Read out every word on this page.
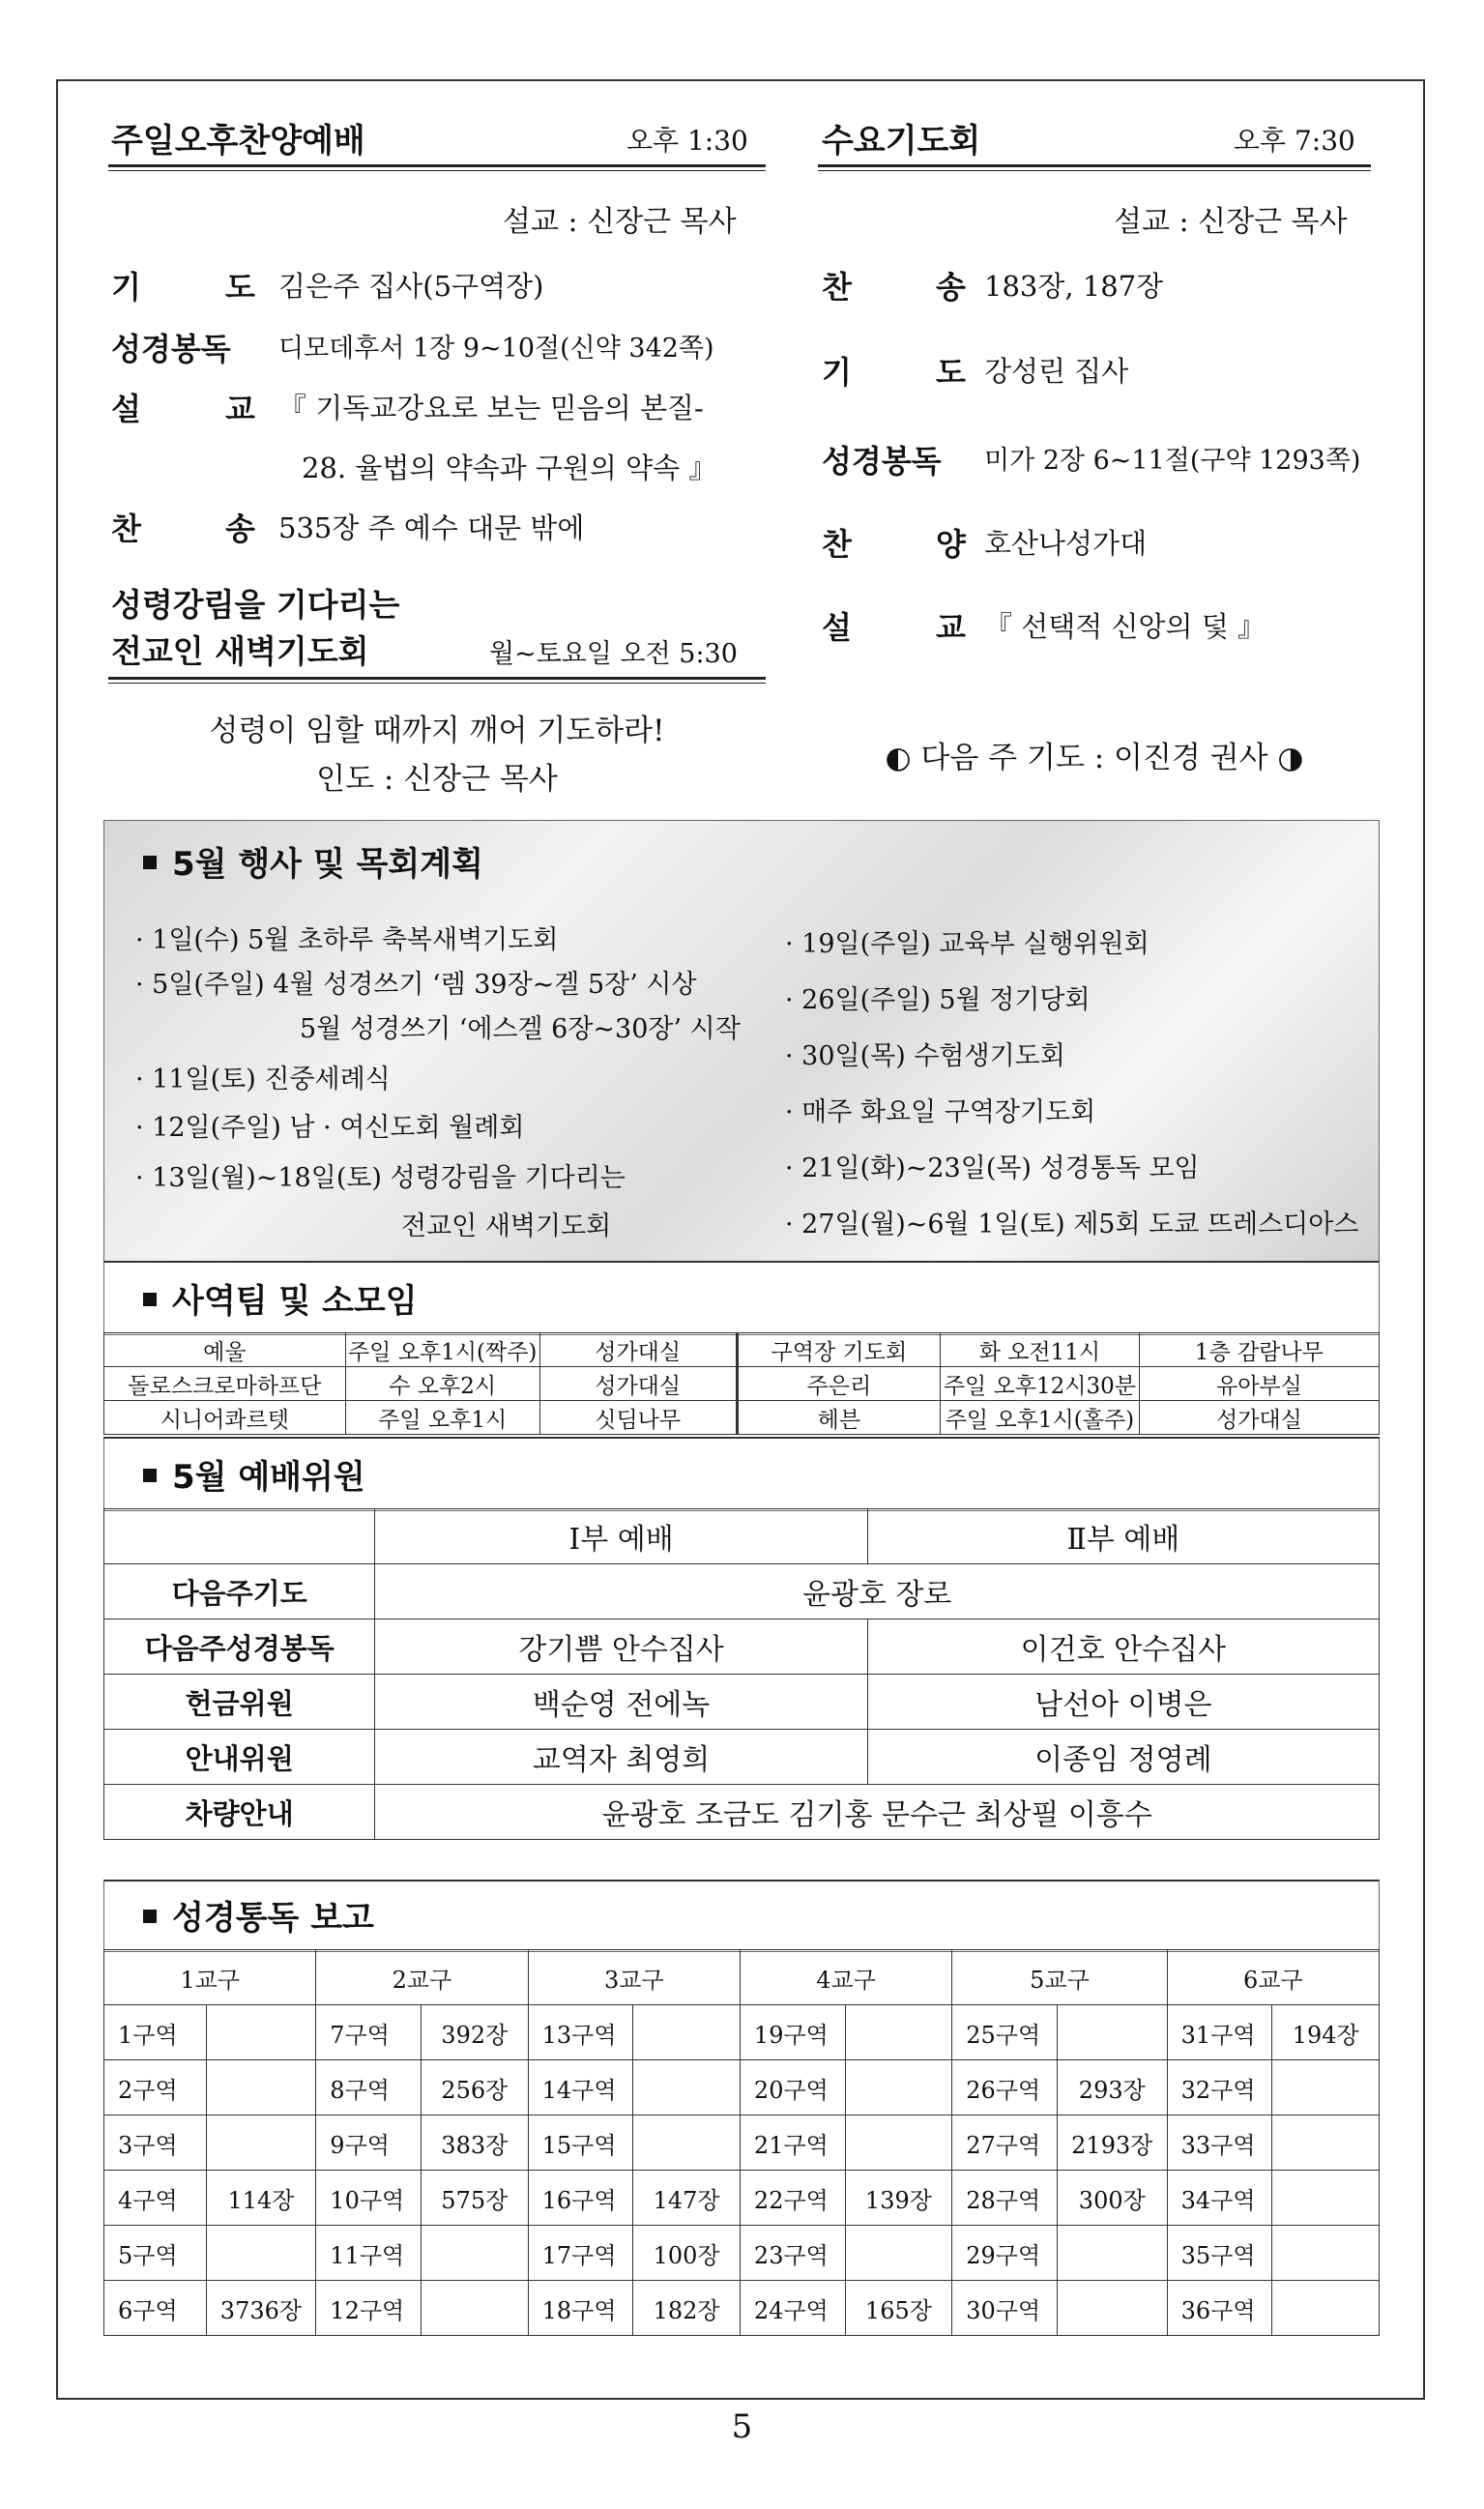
주일오후찬양예배	오후 1:30
설교 : 신장근 목사
기 도
김은주 집사(5구역장)
성경봉독 디모데후서 1장 9~10절(신약 342쪽)
설 교
『 기독교강요로 보는 믿음의 본질-
28. 율법의 약속과 구원의 약속 』
찬 송
535장 주 예수 대문 밖에
성령강림을 기다리는
전교인 새벽기도회	월~토요일 오전 5:30
성령이 임할 때까지 깨어 기도하라!
인도 : 신장근 목사
수요기도회	오후 7:30
설교 : 신장근 목사
찬 송
183장, 187장
기 도
강성린 집사
성경봉독 미가 2장 6~11절(구약 1293쪽)
찬 양
호산나성가대
설 교
『 선택적 신앙의 덫 』
◐ 다음 주 기도 : 이진경 권사 ◑
5월 행사 및 목회계획
· 1일(수) 5월 초하루 축복새벽기도회
· 5일(주일) 4월 성경쓰기 ‘렘 39장~겔 5장’ 시상
5월 성경쓰기 ‘에스겔 6장~30장’ 시작
· 11일(토) 진중세례식
· 12일(주일) 남 · 여신도회 월례회
· 13일(월)~18일(토) 성령강림을 기다리는
전교인 새벽기도회
· 19일(주일) 교육부 실행위원회
· 26일(주일) 5월 정기당회
· 30일(목) 수험생기도회
· 매주 화요일 구역장기도회
· 21일(화)~23일(목) 성경통독 모임
· 27일(월)~6월 1일(토) 제5회 도쿄 뜨레스디아스
사역팀 및 소모임
예울	주일 오후1시(짝주)	성가대실	구역장 기도회	화 오전11시	1층 감람나무
돌로스크로마하프단	수 오후2시	성가대실	주은리	주일 오후12시30분	유아부실
시니어콰르텟	주일 오후1시	싯딤나무	헤븐	주일 오후1시(홀주)	성가대실
5월 예배위원
	Ⅰ부 예배	Ⅱ부 예배
다음주기도	윤광호 장로	
다음주성경봉독	강기쁨 안수집사	이건호 안수집사
헌금위원	백순영 전에녹	남선아 이병은
안내위원	교역자 최영희	이종임 정영례
차량안내	윤광호 조금도 김기홍 문수근 최상필 이흥수	
성경통독 보고
1교구		2교구		3교구		4교구		5교구		6교구	
1구역		7구역	392장	13구역		19구역		25구역		31구역	194장
2구역		8구역	256장	14구역		20구역		26구역	293장	32구역	
3구역		9구역	383장	15구역		21구역		27구역	2193장	33구역	
4구역	114장	10구역	575장	16구역	147장	22구역	139장	28구역	300장	34구역	
5구역		11구역		17구역	100장	23구역		29구역		35구역	
6구역	3736장	12구역		18구역	182장	24구역	165장	30구역		36구역	
5
